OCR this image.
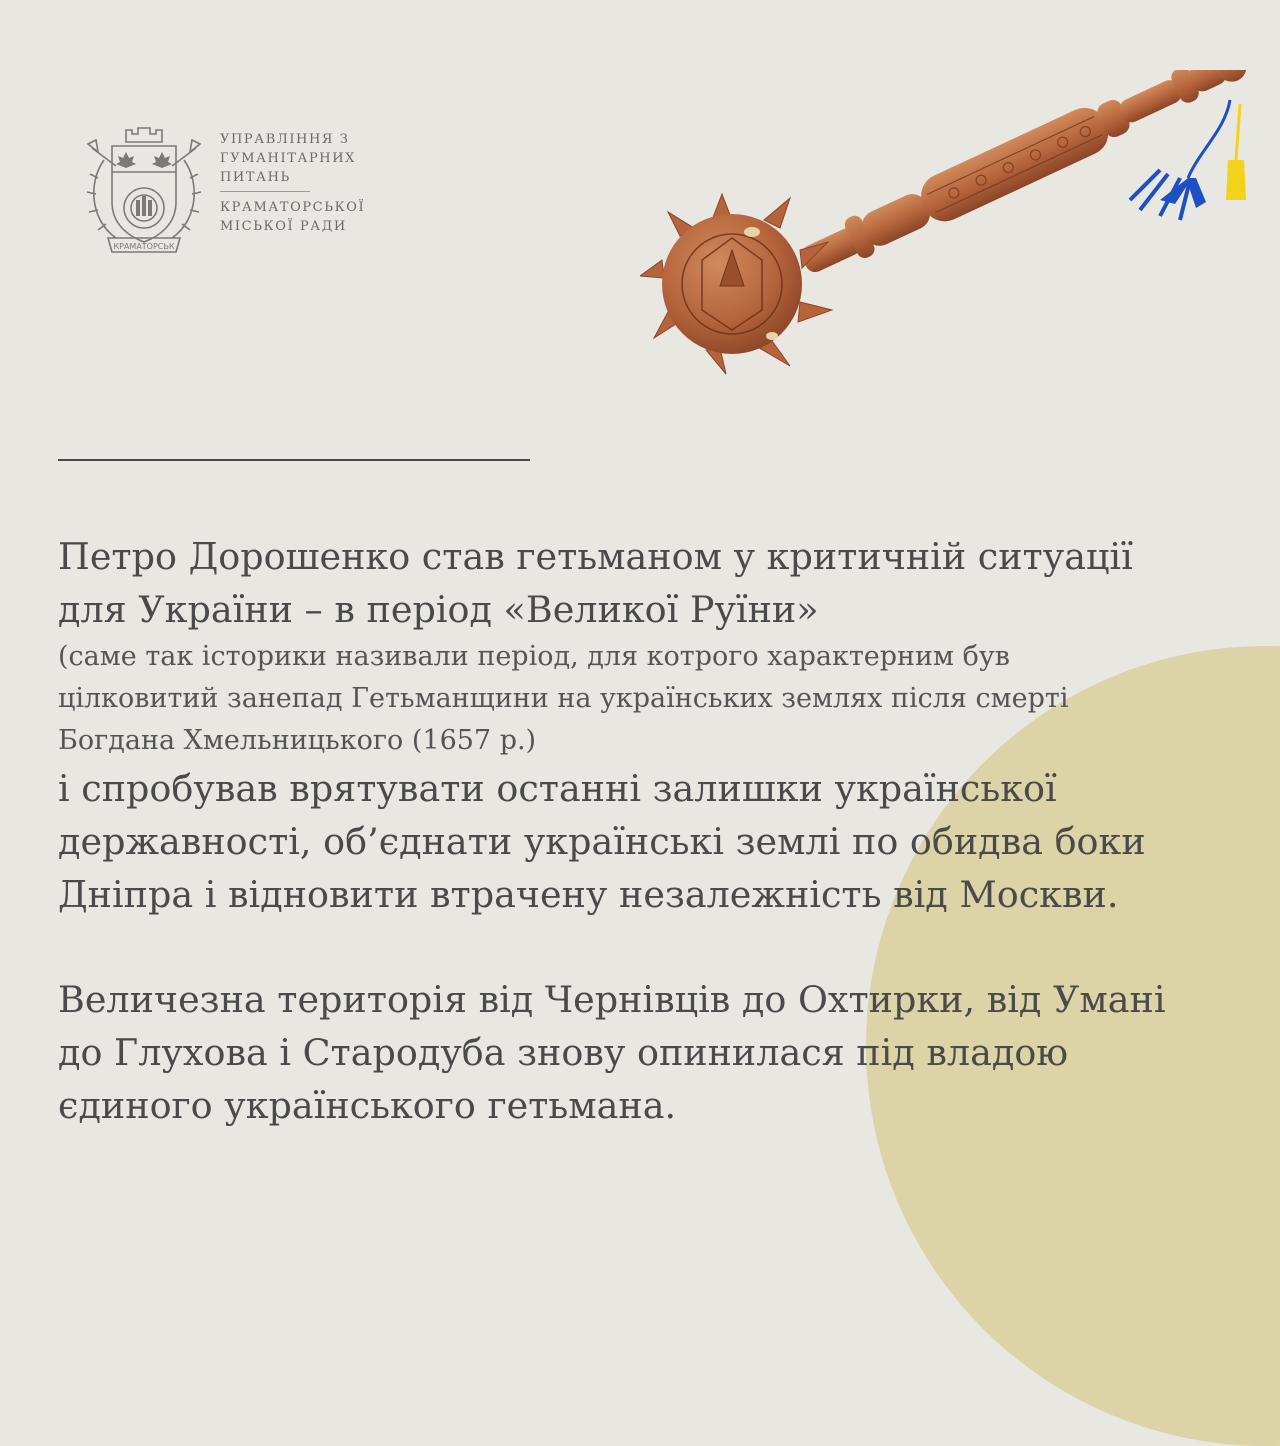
КРАМАТОРСЬК
УПРАВЛІННЯ З
ГУМАНІТАРНИХ
ПИТАНЬ
КРАМАТОРСЬКОЇ
МІСЬКОЇ РАДИ

Петро Дорошенко став гетьманом у критичній ситуації
для України – в період «Великої Руїни»

(саме так історики називали період, для котрого характерним був
цілковитий занепад Гетьманщини на українських землях після смерті
Богдана Хмельницького (1657 р.)

і спробував врятувати останні залишки української
державності, об’єднати українські землі по обидва боки
Дніпра і відновити втрачену незалежність від Москви.

Величезна територія від Чернівців до Охтирки, від Умані
до Глухова і Стародуба знову опинилася під владою
єдиного українського гетьмана.
